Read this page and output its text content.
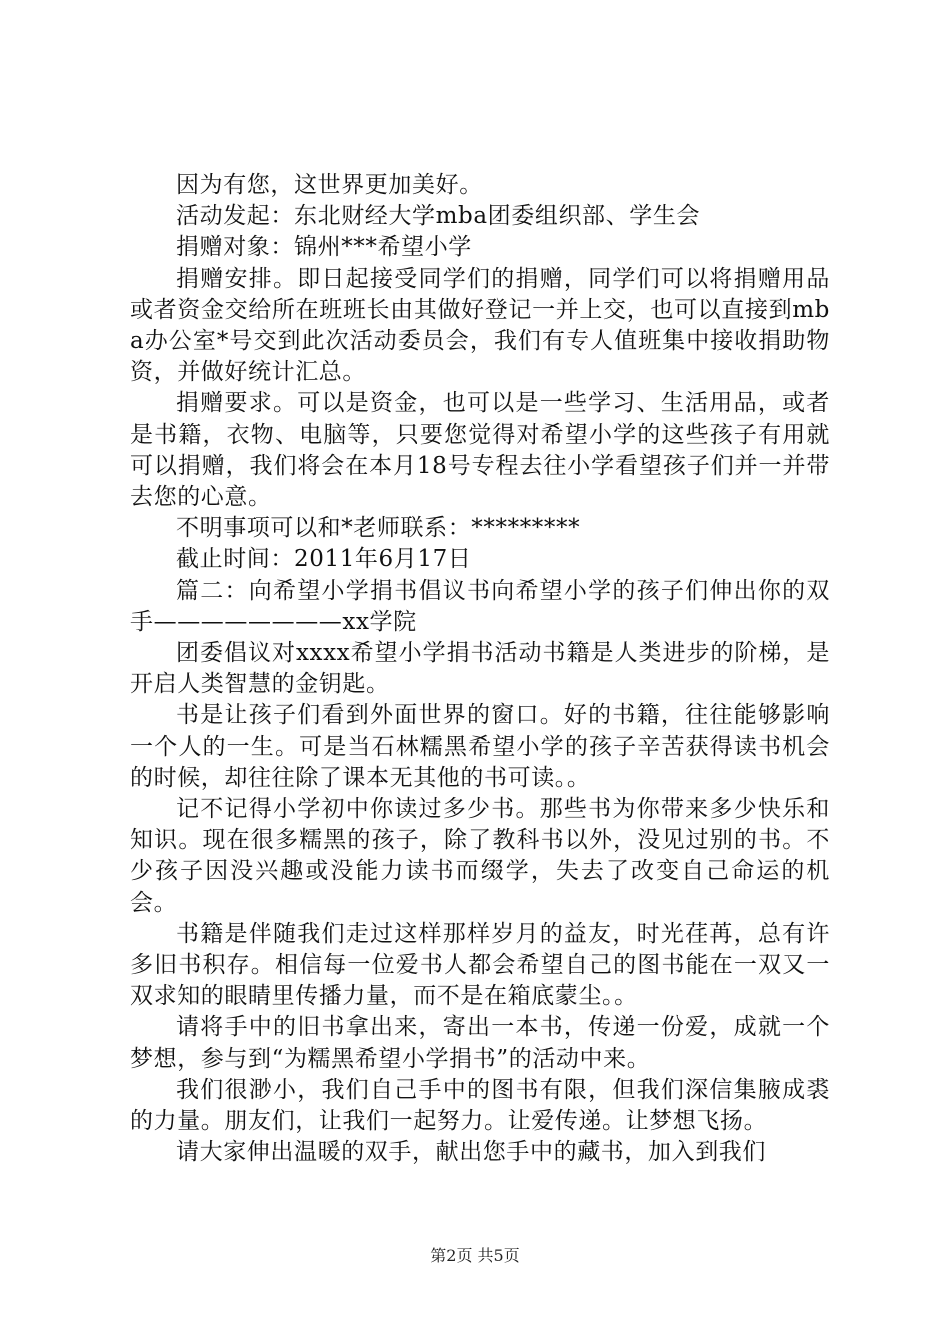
因为有您，这世界更加美好。

活动发起：东北财经大学mba团委组织部、学生会

捐赠对象：锦州***希望小学

捐赠安排。即日起接受同学们的捐赠，同学们可以将捐赠用品或者资金交给所在班班长由其做好登记一并上交，也可以直接到mba办公室*号交到此次活动委员会，我们有专人值班集中接收捐助物资，并做好统计汇总。

捐赠要求。可以是资金，也可以是一些学习、生活用品，或者是书籍，衣物、电脑等，只要您觉得对希望小学的这些孩子有用就可以捐赠，我们将会在本月18号专程去往小学看望孩子们并一并带去您的心意。

不明事项可以和*老师联系：*********

截止时间：2011年6月17日

篇二：向希望小学捐书倡议书向希望小学的孩子们伸出你的双手————————xx学院

团委倡议对xxxx希望小学捐书活动书籍是人类进步的阶梯，是开启人类智慧的金钥匙。

书是让孩子们看到外面世界的窗口。好的书籍，往往能够影响一个人的一生。可是当石林糯黑希望小学的孩子辛苦获得读书机会的时候，却往往除了课本无其他的书可读。。

记不记得小学初中你读过多少书。那些书为你带来多少快乐和知识。现在很多糯黑的孩子，除了教科书以外，没见过别的书。不少孩子因没兴趣或没能力读书而缀学，失去了改变自己命运的机会。

书籍是伴随我们走过这样那样岁月的益友，时光荏苒，总有许多旧书积存。相信每一位爱书人都会希望自己的图书能在一双又一双求知的眼睛里传播力量，而不是在箱底蒙尘。。

请将手中的旧书拿出来，寄出一本书，传递一份爱，成就一个梦想，参与到“为糯黑希望小学捐书”的活动中来。

我们很渺小，我们自己手中的图书有限，但我们深信集腋成裘的力量。朋友们，让我们一起努力。让爱传递。让梦想飞扬。

请大家伸出温暖的双手，献出您手中的藏书，加入到我们

第2页 共5页
